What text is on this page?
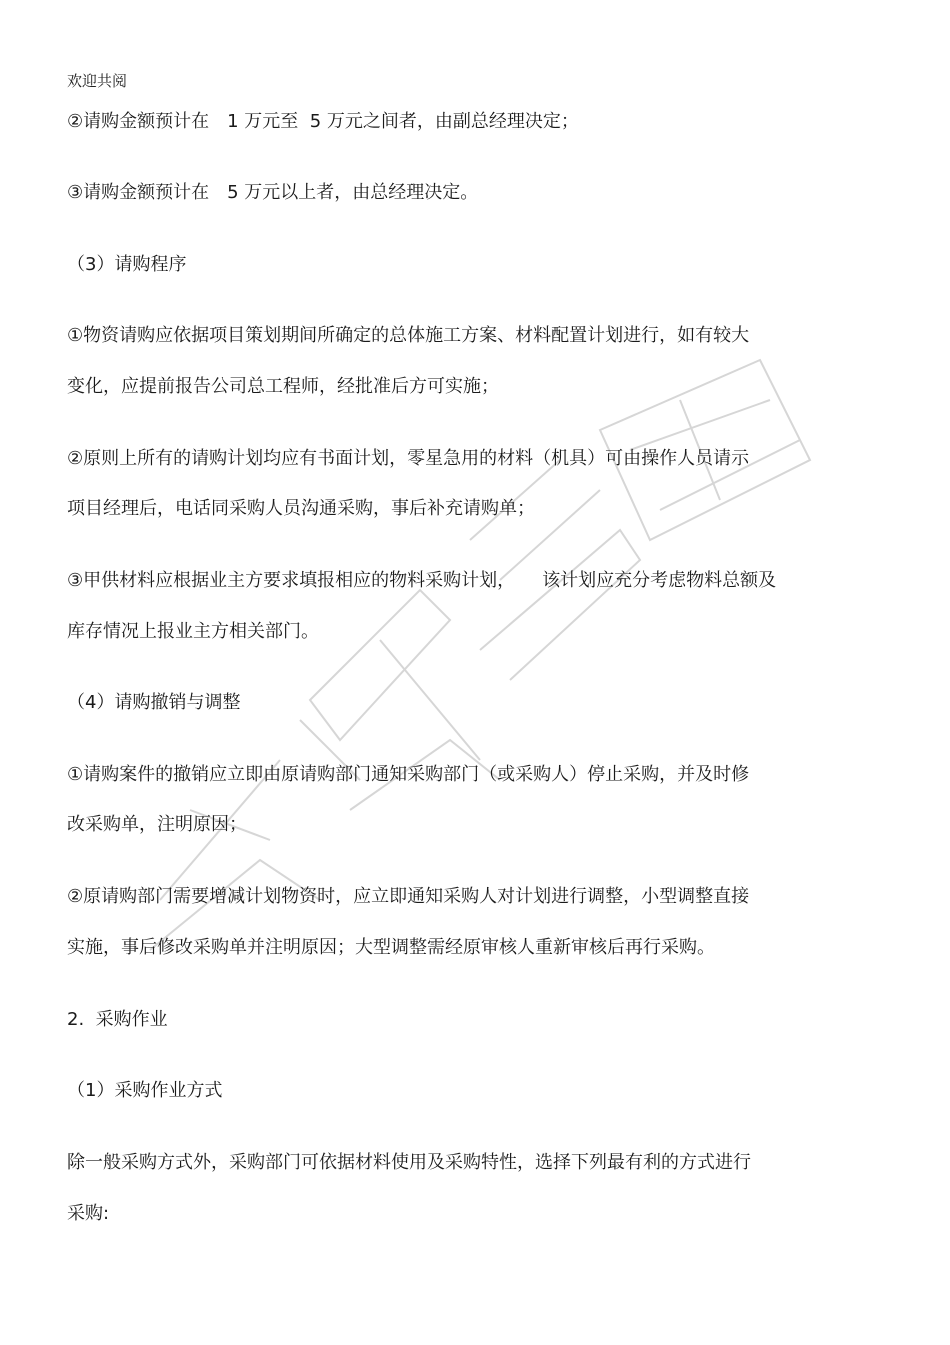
欢迎共阅
②请购金额预计在　1 万元至  5 万元之间者，由副总经理决定；
③请购金额预计在　5 万元以上者，由总经理决定。
（3）请购程序
①物资请购应依据项目策划期间所确定的总体施工方案、材料配置计划进行，如有较大
变化，应提前报告公司总工程师，经批准后方可实施；
②原则上所有的请购计划均应有书面计划，零星急用的材料（机具）可由操作人员请示
项目经理后，电话同采购人员沟通采购，事后补充请购单；
③甲供材料应根据业主方要求填报相应的物料采购计划，　　该计划应充分考虑物料总额及
库存情况上报业主方相关部门。
（4）请购撤销与调整
①请购案件的撤销应立即由原请购部门通知采购部门（或采购人）停止采购，并及时修
改采购单，注明原因；
②原请购部门需要增减计划物资时，应立即通知采购人对计划进行调整，小型调整直接
实施，事后修改采购单并注明原因；大型调整需经原审核人重新审核后再行采购。
2.  采购作业
（1）采购作业方式
除一般采购方式外，采购部门可依据材料使用及采购特性，选择下列最有利的方式进行
采购:
